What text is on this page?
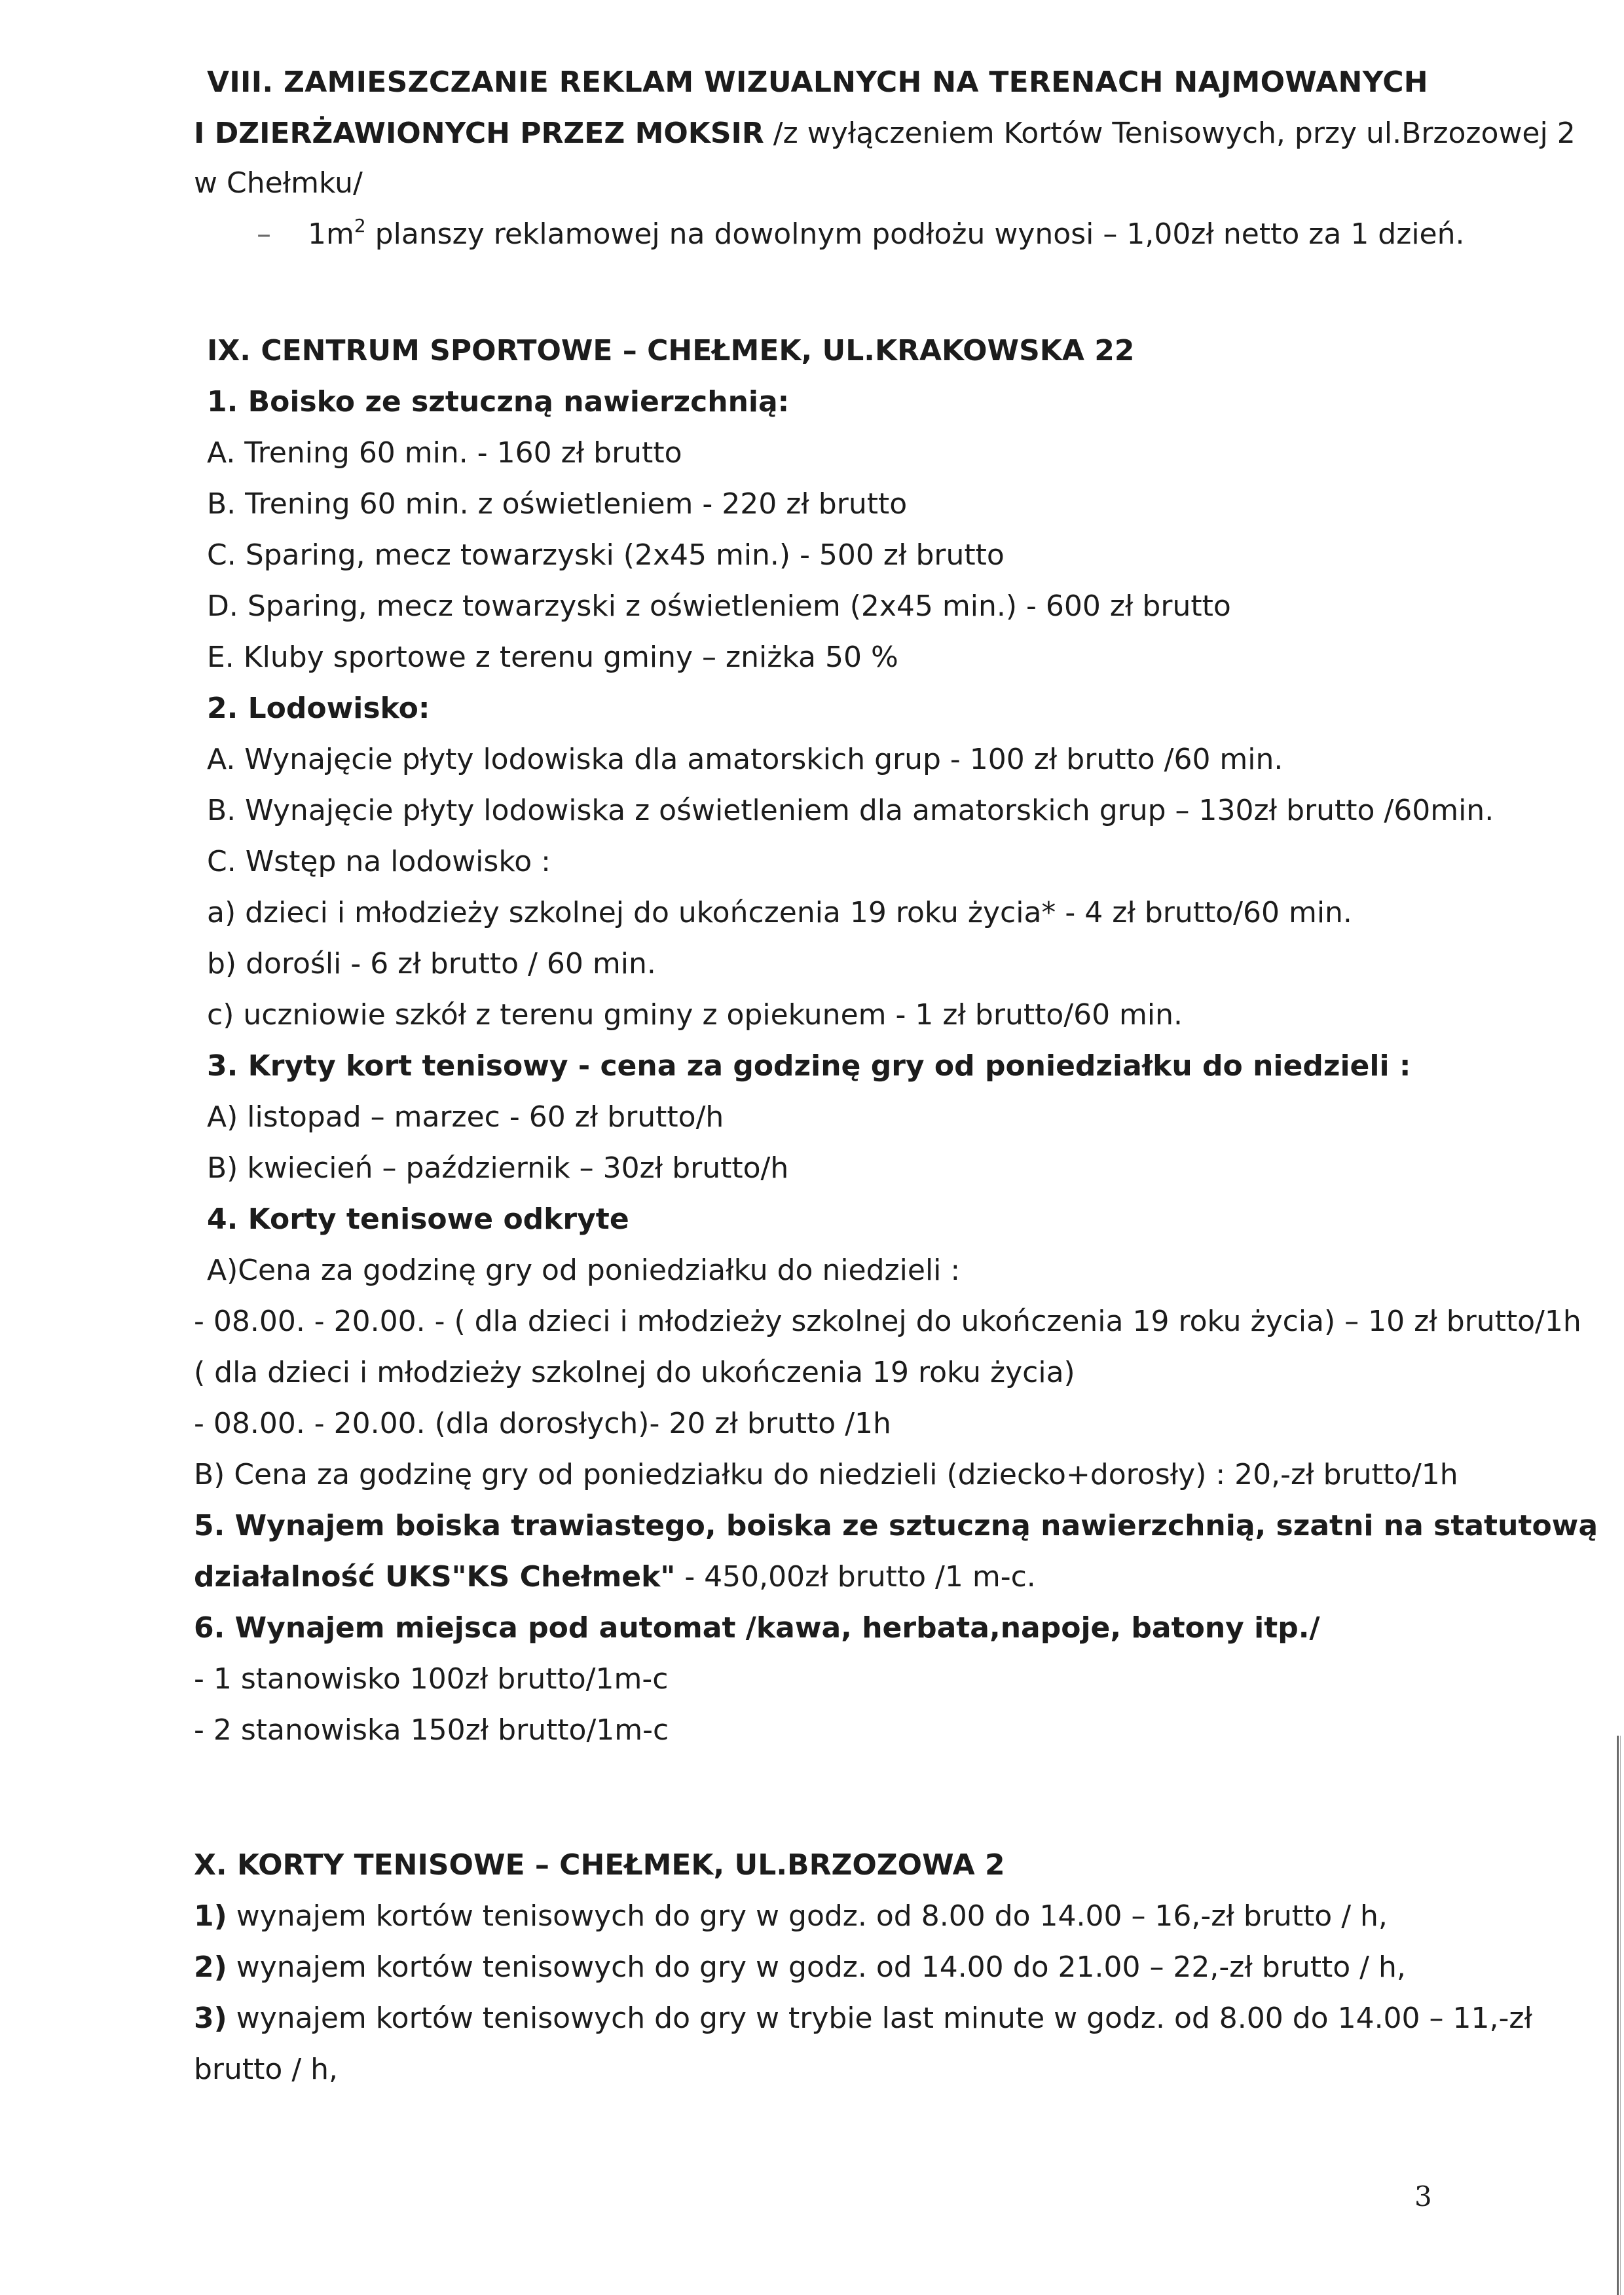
VIII. ZAMIESZCZANIE REKLAM WIZUALNYCH NA TERENACH NAJMOWANYCH
I DZIERŻAWIONYCH PRZEZ MOKSIR /z wyłączeniem Kortów Tenisowych, przy ul.Brzozowej 2
w Chełmku/
– $1m^2$ planszy reklamowej na dowolnym podłożu wynosi – 1,00zł netto za 1 dzień.
IX. CENTRUM SPORTOWE – CHEŁMEK, UL.KRAKOWSKA 22
1. Boisko ze sztuczną nawierzchnią:
A. Trening 60 min. - 160 zł brutto
B. Trening 60 min. z oświetleniem - 220 zł brutto
C. Sparing, mecz towarzyski (2x45 min.) - 500 zł brutto
D. Sparing, mecz towarzyski z oświetleniem (2x45 min.) - 600 zł brutto
E. Kluby sportowe z terenu gminy – zniżka 50 %
2. Lodowisko:
A. Wynajęcie płyty lodowiska dla amatorskich grup - 100 zł brutto /60 min.
B. Wynajęcie płyty lodowiska z oświetleniem dla amatorskich grup – 130zł brutto /60min.
C. Wstęp na lodowisko :
a) dzieci i młodzieży szkolnej do ukończenia 19 roku życia* - 4 zł brutto/60 min.
b) dorośli - 6 zł brutto / 60 min.
c) uczniowie szkół z terenu gminy z opiekunem - 1 zł brutto/60 min.
3. Kryty kort tenisowy - cena za godzinę gry od poniedziałku do niedzieli :
A) listopad – marzec - 60 zł brutto/h
B) kwiecień – październik – 30zł brutto/h
4. Korty tenisowe odkryte
A)Cena za godzinę gry od poniedziałku do niedzieli :
- 08.00. - 20.00. - ( dla dzieci i młodzieży szkolnej do ukończenia 19 roku życia) – 10 zł brutto/1h
( dla dzieci i młodzieży szkolnej do ukończenia 19 roku życia)
- 08.00. - 20.00. (dla dorosłych)- 20 zł brutto /1h
B) Cena za godzinę gry od poniedziałku do niedzieli (dziecko+dorosły) : 20,-zł brutto/1h
5. Wynajem boiska trawiastego, boiska ze sztuczną nawierzchnią, szatni na statutową
działalność UKS"KS Chełmek" - 450,00zł brutto /1 m-c.
6. Wynajem miejsca pod automat /kawa, herbata,napoje, batony itp./
- 1 stanowisko 100zł brutto/1m-c
- 2 stanowiska 150zł brutto/1m-c
X. KORTY TENISOWE – CHEŁMEK, UL.BRZOZOWA 2
1) wynajem kortów tenisowych do gry w godz. od 8.00 do 14.00 – 16,-zł brutto / h,
2) wynajem kortów tenisowych do gry w godz. od 14.00 do 21.00 – 22,-zł brutto / h,
3) wynajem kortów tenisowych do gry w trybie last minute w godz. od 8.00 do 14.00 – 11,-zł
brutto / h,
3
